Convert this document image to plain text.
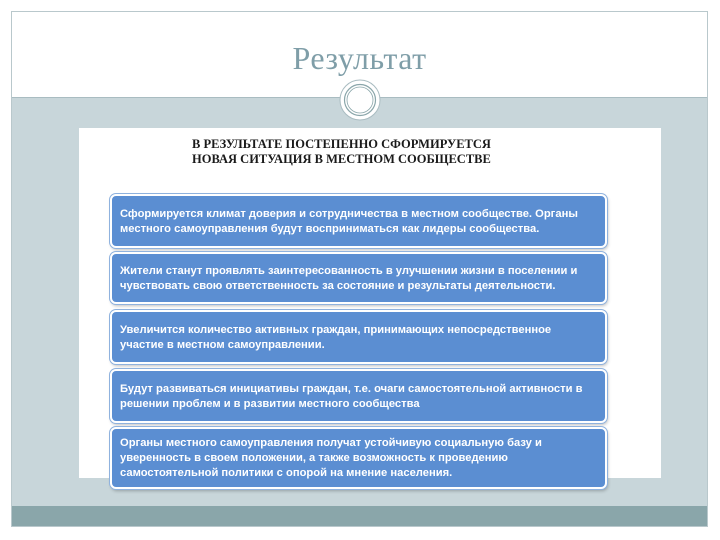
Результат
В РЕЗУЛЬТАТЕ ПОСТЕПЕННО СФОРМИРУЕТСЯ
НОВАЯ СИТУАЦИЯ В МЕСТНОМ СООБЩЕСТВЕ
Сформируется климат доверия и сотрудничества в местном сообществе. Органы местного самоуправления будут восприниматься как лидеры сообщества.
Жители станут проявлять заинтересованность в улучшении жизни в поселении и чувствовать свою ответственность за состояние и результаты деятельности.
Увеличится количество активных граждан, принимающих непосредственное участие в местном самоуправлении.
Будут развиваться инициативы граждан, т.е. очаги самостоятельной активности в решении проблем и в развитии местного сообщества
Органы местного самоуправления получат устойчивую социальную базу и уверенность в своем положении, а также возможность к проведению самостоятельной политики с опорой на мнение населения.
